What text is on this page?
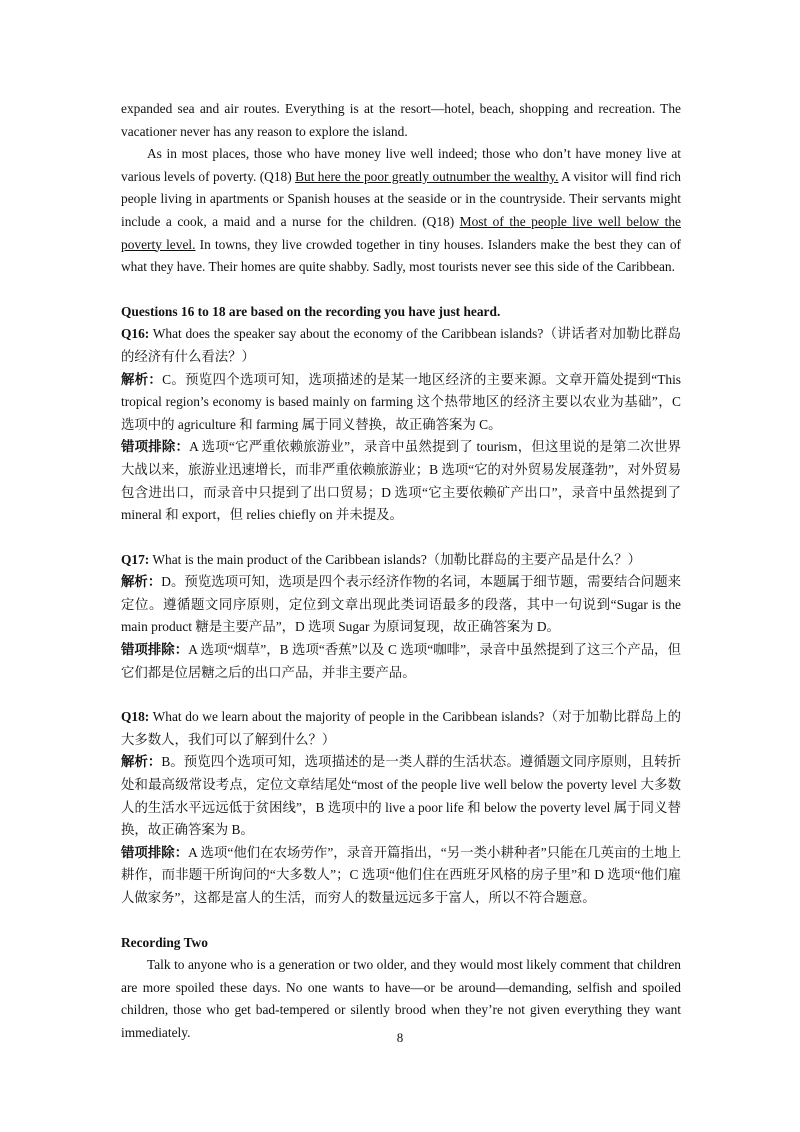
expanded sea and air routes. Everything is at the resort—hotel, beach, shopping and recreation. The vacationer never has any reason to explore the island.

As in most places, those who have money live well indeed; those who don’t have money live at various levels of poverty. (Q18) But here the poor greatly outnumber the wealthy. A visitor will find rich people living in apartments or Spanish houses at the seaside or in the countryside. Their servants might include a cook, a maid and a nurse for the children. (Q18) Most of the people live well below the poverty level. In towns, they live crowded together in tiny houses. Islanders make the best they can of what they have. Their homes are quite shabby. Sadly, most tourists never see this side of the Caribbean.

Questions 16 to 18 are based on the recording you have just heard.

Q16: What does the speaker say about the economy of the Caribbean islands?（讲话者对加勒比群岛的经济有什么看法？）

解析：C。预览四个选项可知，选项描述的是某一地区经济的主要来源。文章开篇处提到“This tropical region’s economy is based mainly on farming 这个热带地区的经济主要以农业为基础”，C 选项中的 agriculture 和 farming 属于同义替换，故正确答案为 C。

错项排除：A 选项“它严重依赖旅游业”，录音中虽然提到了 tourism，但这里说的是第二次世界大战以来，旅游业迅速增长，而非严重依赖旅游业；B 选项“它的对外贸易发展蓬勃”，对外贸易包含进出口，而录音中只提到了出口贸易；D 选项“它主要依赖矿产出口”，录音中虽然提到了 mineral 和 export，但 relies chiefly on 并未提及。

Q17: What is the main product of the Caribbean islands?（加勒比群岛的主要产品是什么？）

解析：D。预览选项可知，选项是四个表示经济作物的名词，本题属于细节题，需要结合问题来定位。遵循题文同序原则，定位到文章出现此类词语最多的段落，其中一句说到“Sugar is the main product 糖是主要产品”，D 选项 Sugar 为原词复现，故正确答案为 D。

错项排除：A 选项“烟草”，B 选项“香蕉”以及 C 选项“咖啡”，录音中虽然提到了这三个产品，但它们都是位居糖之后的出口产品，并非主要产品。

Q18: What do we learn about the majority of people in the Caribbean islands?（对于加勒比群岛上的大多数人，我们可以了解到什么？）

解析：B。预览四个选项可知，选项描述的是一类人群的生活状态。遵循题文同序原则，且转折处和最高级常设考点，定位文章结尾处“most of the people live well below the poverty level 大多数人的生活水平远远低于贫困线”，B 选项中的 live a poor life 和 below the poverty level 属于同义替换，故正确答案为 B。

错项排除：A 选项“他们在农场劳作”，录音开篇指出，“另一类小耕种者”只能在几英亩的土地上耕作，而非题干所询问的“大多数人”；C 选项“他们住在西班牙风格的房子里”和 D 选项“他们雇人做家务”，这都是富人的生活，而穷人的数量远远多于富人，所以不符合题意。

Recording Two

Talk to anyone who is a generation or two older, and they would most likely comment that children are more spoiled these days. No one wants to have—or be around—demanding, selfish and spoiled children, those who get bad-tempered or silently brood when they’re not given everything they want immediately.	8
